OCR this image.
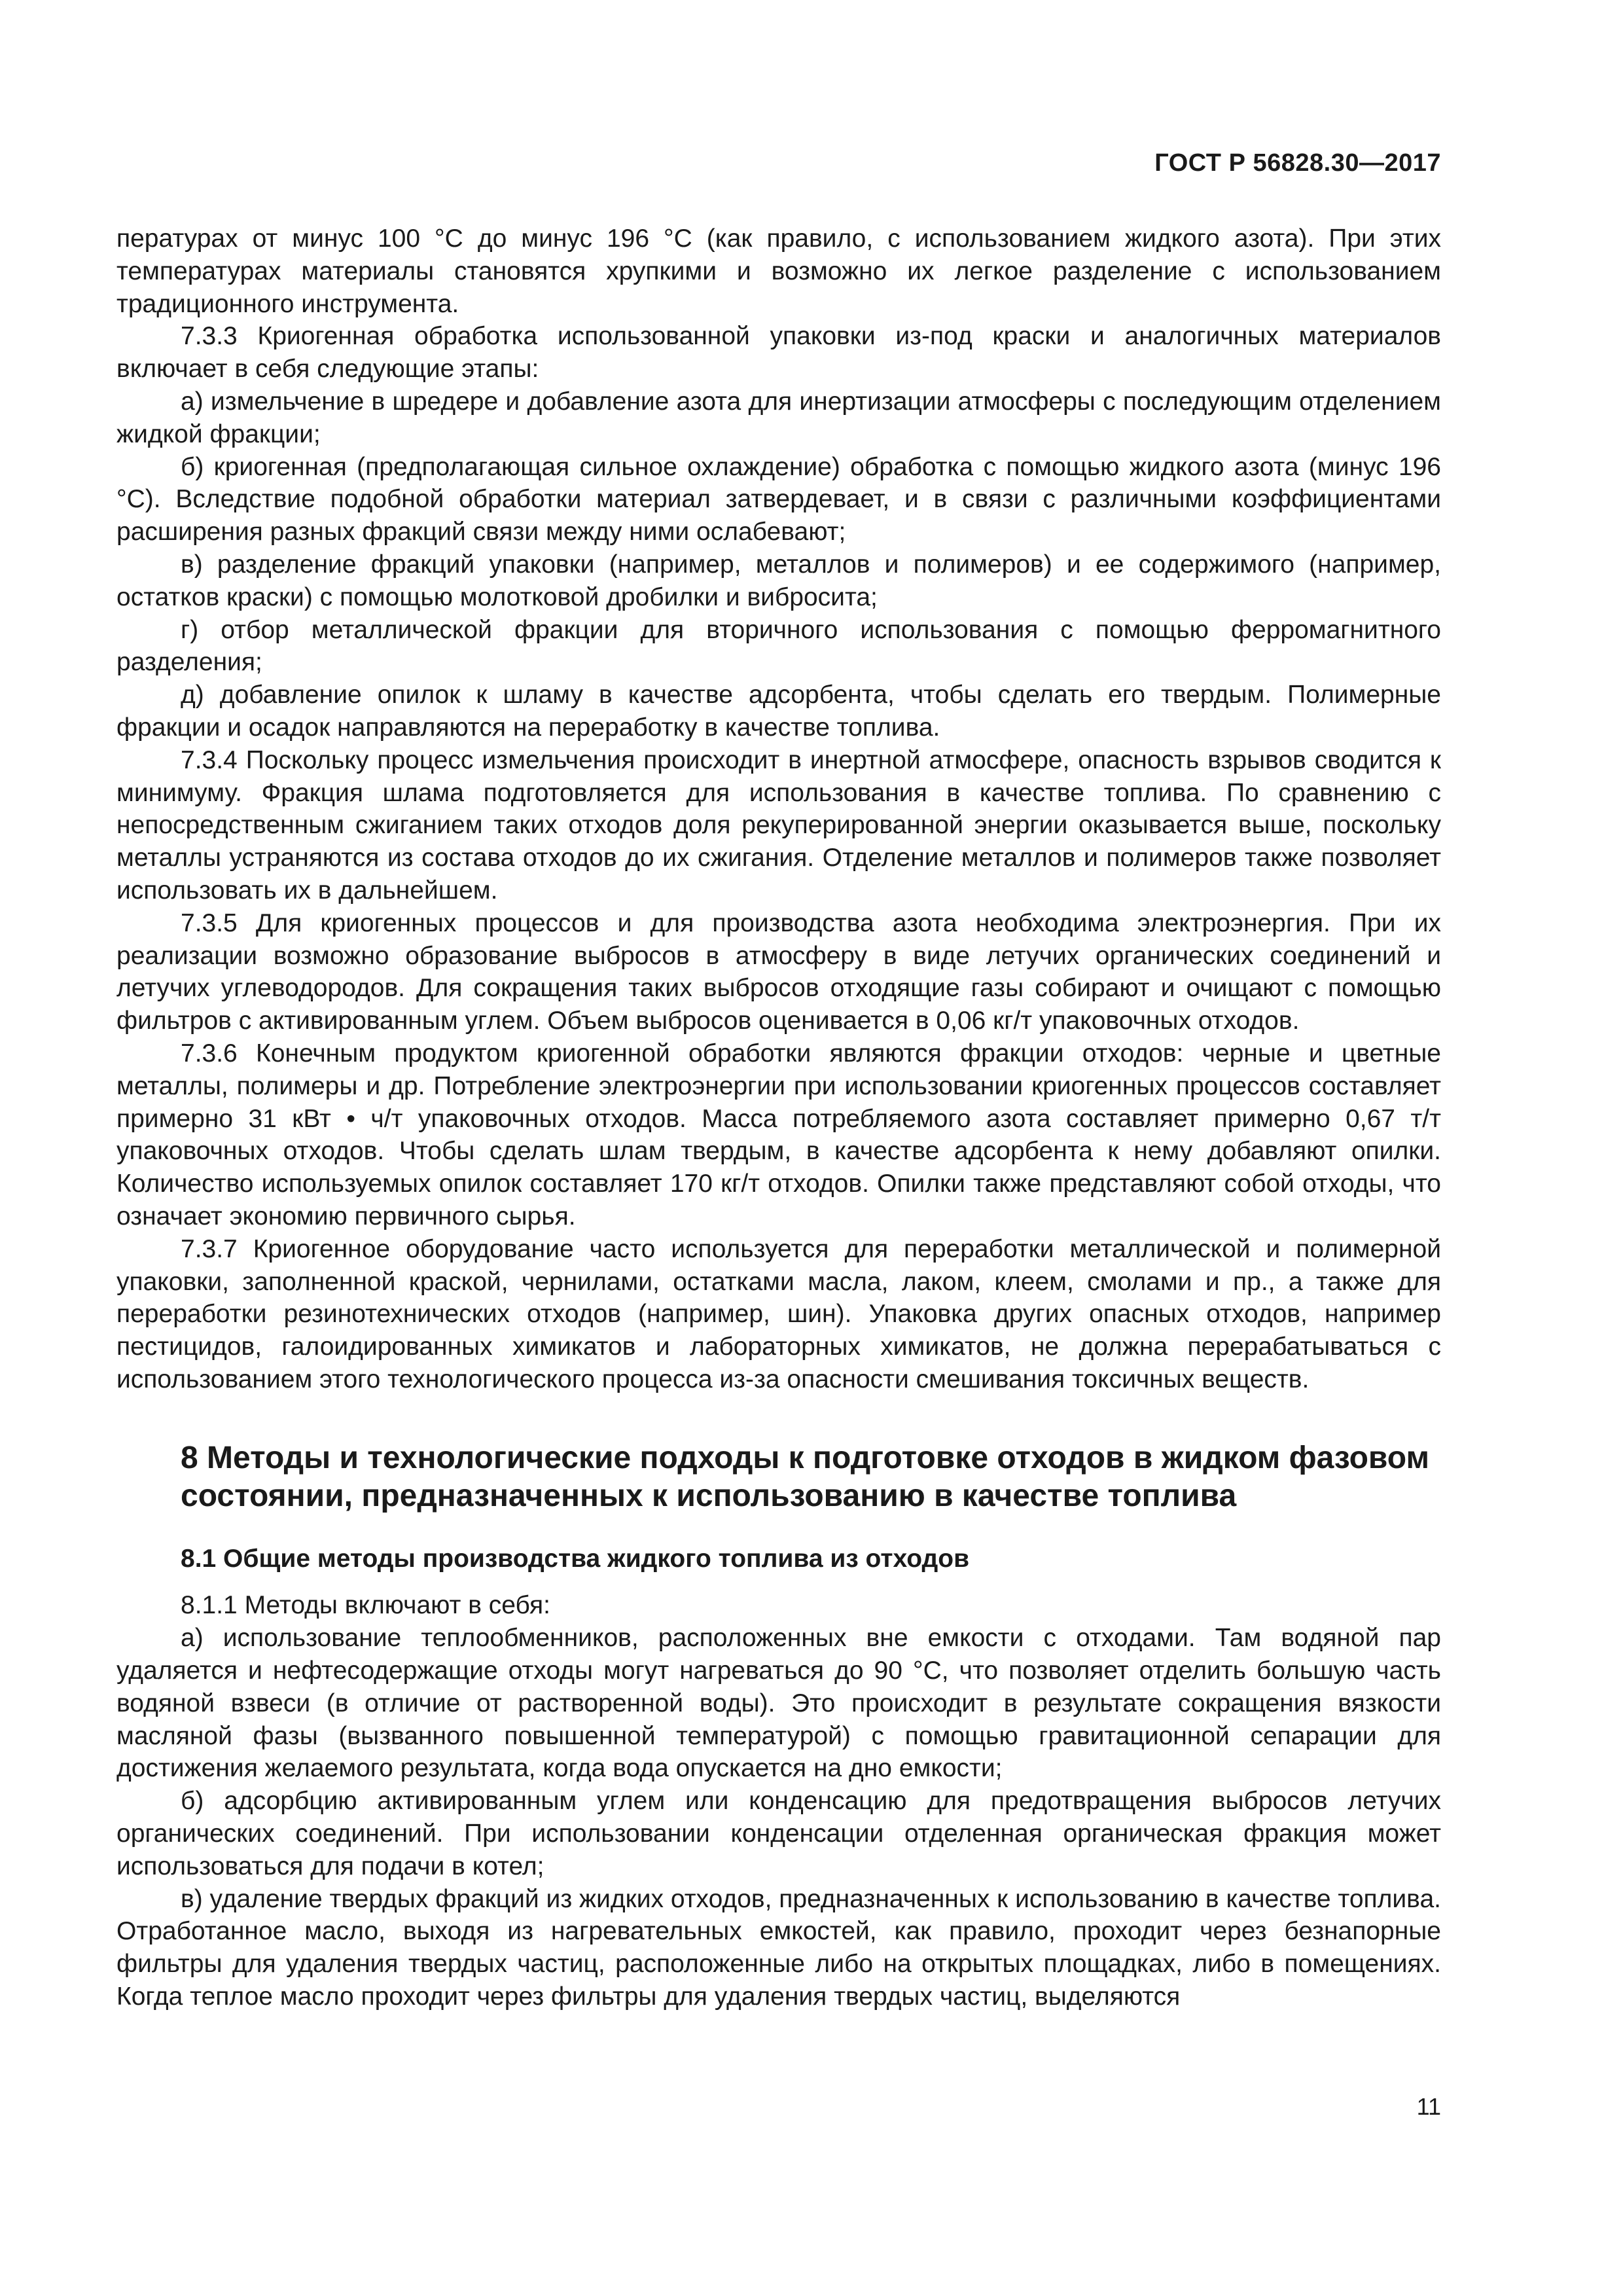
ГОСТ Р 56828.30—2017

пературах от минус 100 °С до минус 196 °С (как правило, с использованием жидкого азота). При этих температурах материалы становятся хрупкими и возможно их легкое разделение с использованием традиционного инструмента.

7.3.3 Криогенная обработка использованной упаковки из-под краски и аналогичных материалов включает в себя следующие этапы:

а) измельчение в шредере и добавление азота для инертизации атмосферы с последующим отделением жидкой фракции;

б) криогенная (предполагающая сильное охлаждение) обработка с помощью жидкого азота (минус 196 °С). Вследствие подобной обработки материал затвердевает, и в связи с различными коэффициентами расширения разных фракций связи между ними ослабевают;

в) разделение фракций упаковки (например, металлов и полимеров) и ее содержимого (например, остатков краски) с помощью молотковой дробилки и вибросита;

г) отбор металлической фракции для вторичного использования с помощью ферромагнитного разделения;

д) добавление опилок к шламу в качестве адсорбента, чтобы сделать его твердым. Полимерные фракции и осадок направляются на переработку в качестве топлива.

7.3.4 Поскольку процесс измельчения происходит в инертной атмосфере, опасность взрывов сводится к минимуму. Фракция шлама подготовляется для использования в качестве топлива. По сравнению с непосредственным сжиганием таких отходов доля рекуперированной энергии оказывается выше, поскольку металлы устраняются из состава отходов до их сжигания. Отделение металлов и полимеров также позволяет использовать их в дальнейшем.

7.3.5 Для криогенных процессов и для производства азота необходима электроэнергия. При их реализации возможно образование выбросов в атмосферу в виде летучих органических соединений и летучих углеводородов. Для сокращения таких выбросов отходящие газы собирают и очищают с помощью фильтров с активированным углем. Объем выбросов оценивается в 0,06 кг/т упаковочных отходов.

7.3.6 Конечным продуктом криогенной обработки являются фракции отходов: черные и цветные металлы, полимеры и др. Потребление электроэнергии при использовании криогенных процессов составляет примерно 31 кВт • ч/т упаковочных отходов. Масса потребляемого азота составляет примерно 0,67 т/т упаковочных отходов. Чтобы сделать шлам твердым, в качестве адсорбента к нему добавляют опилки. Количество используемых опилок составляет 170 кг/т отходов. Опилки также представляют собой отходы, что означает экономию первичного сырья.

7.3.7 Криогенное оборудование часто используется для переработки металлической и полимерной упаковки, заполненной краской, чернилами, остатками масла, лаком, клеем, смолами и пр., а также для переработки резинотехнических отходов (например, шин). Упаковка других опасных отходов, например пестицидов, галоидированных химикатов и лабораторных химикатов, не должна перерабатываться с использованием этого технологического процесса из-за опасности смешивания токсичных веществ.

8 Методы и технологические подходы к подготовке отходов в жидком фазовом состоянии, предназначенных к использованию в качестве топлива
8.1 Общие методы производства жидкого топлива из отходов

8.1.1 Методы включают в себя:

а) использование теплообменников, расположенных вне емкости с отходами. Там водяной пар удаляется и нефтесодержащие отходы могут нагреваться до 90 °С, что позволяет отделить большую часть водяной взвеси (в отличие от растворенной воды). Это происходит в результате сокращения вязкости масляной фазы (вызванного повышенной температурой) с помощью гравитационной сепарации для достижения желаемого результата, когда вода опускается на дно емкости;

б) адсорбцию активированным углем или конденсацию для предотвращения выбросов летучих органических соединений. При использовании конденсации отделенная органическая фракция может использоваться для подачи в котел;

в) удаление твердых фракций из жидких отходов, предназначенных к использованию в качестве топлива. Отработанное масло, выходя из нагревательных емкостей, как правило, проходит через безнапорные фильтры для удаления твердых частиц, расположенные либо на открытых площадках, либо в помещениях. Когда теплое масло проходит через фильтры для удаления твердых частиц, выделяются

11
